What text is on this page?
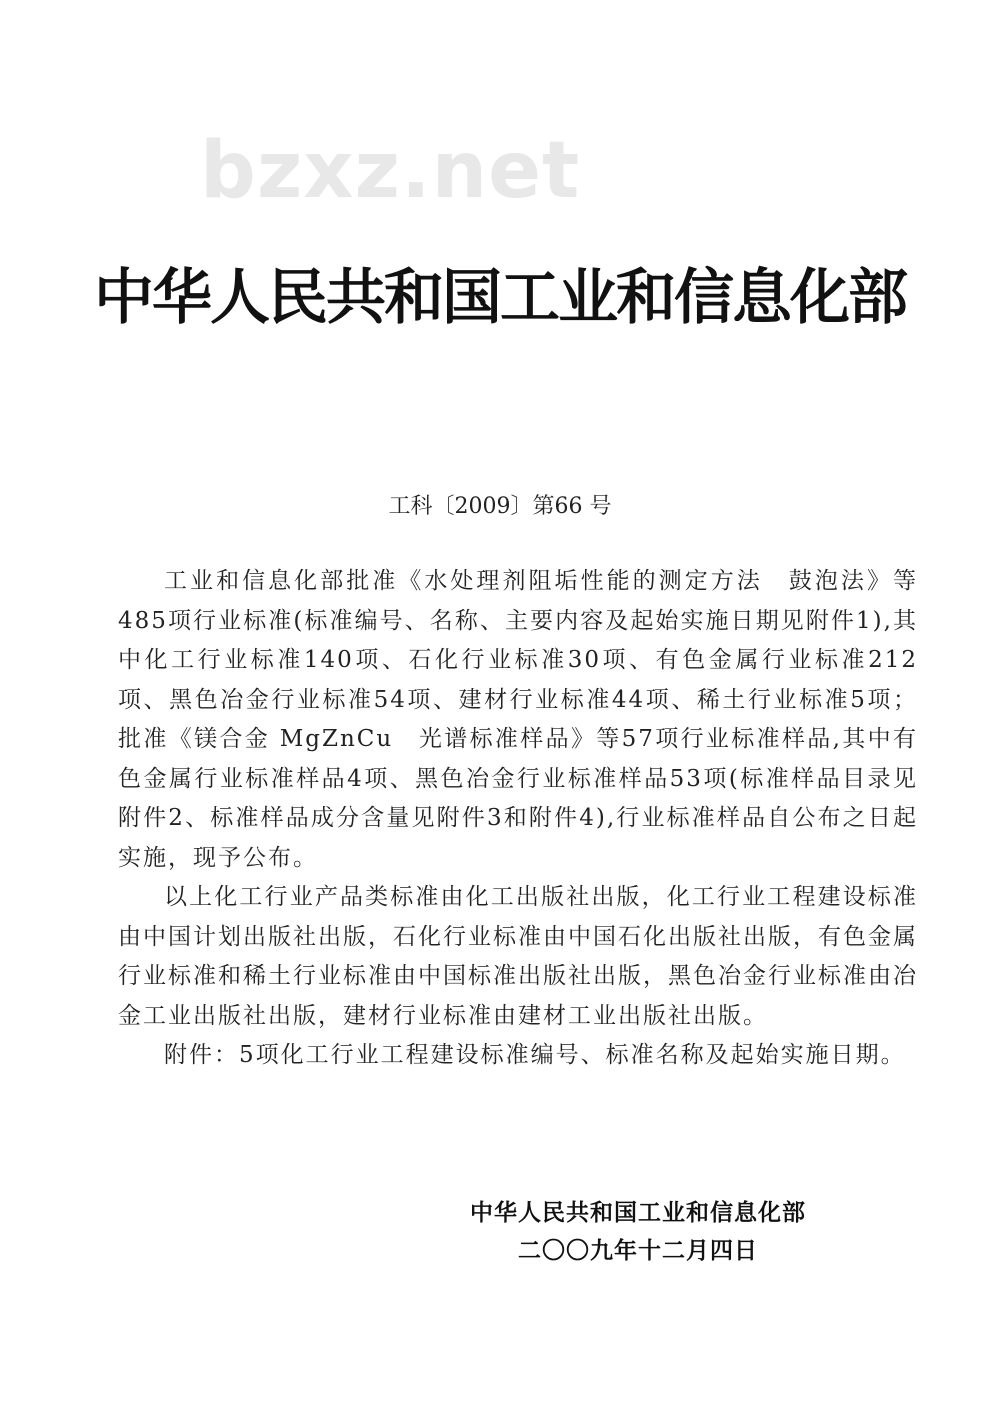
bzxz.net
中华人民共和国工业和信息化部
工科〔2009〕第66 号

工业和信息化部批准《水处理剂阻垢性能的测定方法　鼓泡法》等485项行业标准(标准编号、名称、主要内容及起始实施日期见附件1),其中化工行业标准140项、石化行业标准30项、有色金属行业标准212项、黑色冶金行业标准54项、建材行业标准44项、稀土行业标准5项；批准《镁合金 MgZnCu　光谱标准样品》等57项行业标准样品,其中有色金属行业标准样品4项、黑色冶金行业标准样品53项(标准样品目录见附件2、标准样品成分含量见附件3和附件4),行业标准样品自公布之日起实施，现予公布。

以上化工行业产品类标准由化工出版社出版，化工行业工程建设标准由中国计划出版社出版，石化行业标准由中国石化出版社出版，有色金属行业标准和稀土行业标准由中国标准出版社出版，黑色冶金行业标准由冶金工业出版社出版，建材行业标准由建材工业出版社出版。

附件：5项化工行业工程建设标准编号、标准名称及起始实施日期。

中华人民共和国工业和信息化部
二〇〇九年十二月四日
